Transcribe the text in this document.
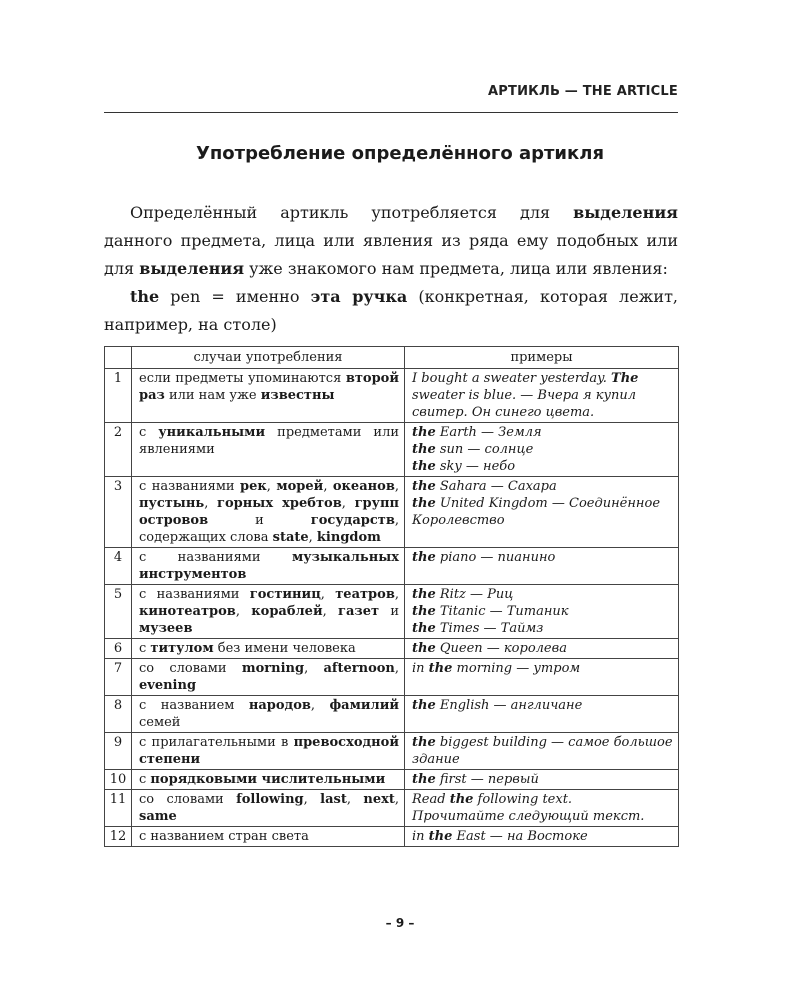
АРТИКЛЬ — THE ARTICLE
Употребление определённого артикля

Определённый артикль употребляется для выделения данного предмета, лица или явления из ряда ему подобных или для выделения уже знакомого нам предмета, лица или явления:

the pen = именно эта ручка (конкретная, которая лежит, например, на столе)

	случаи употребления	примеры
1	если предметы упоминаются второй раз или нам уже известны	I bought a sweater yesterday. The sweater is blue. — Вчера я купил свитер. Он синего цвета.

2	с уникальными предметами или явлениями	the Earth — Земля
the sun — солнце
the sky — небо

3	с названиями рек, морей, океанов, пустынь, горных хребтов, групп островов и государств, содержащих слова state, kingdom	the Sahara — Сахара
the United Kingdom — Соединённое Королевство

4	с названиями музыкальных инструментов	the piano — пианино

5	с названиями гостиниц, театров, кинотеатров, кораблей, газет и музеев	the Ritz — Риц
the Titanic — Титаник
the Times — Таймз

6	с титулом без имени человека	the Queen — королева

7	со словами morning, afternoon, evening	in the morning — утром

8	с названием народов, фамилий семей	the English — англичане

9	с прилагательными в превосходной степени	the biggest building — самое большое здание

10	с порядковыми числительными	the first — первый

11	со словами following, last, next, same	Read the following text.
Прочитайте следующий текст.

12	с названием стран света	in the East — на Востоке
– 9 –
